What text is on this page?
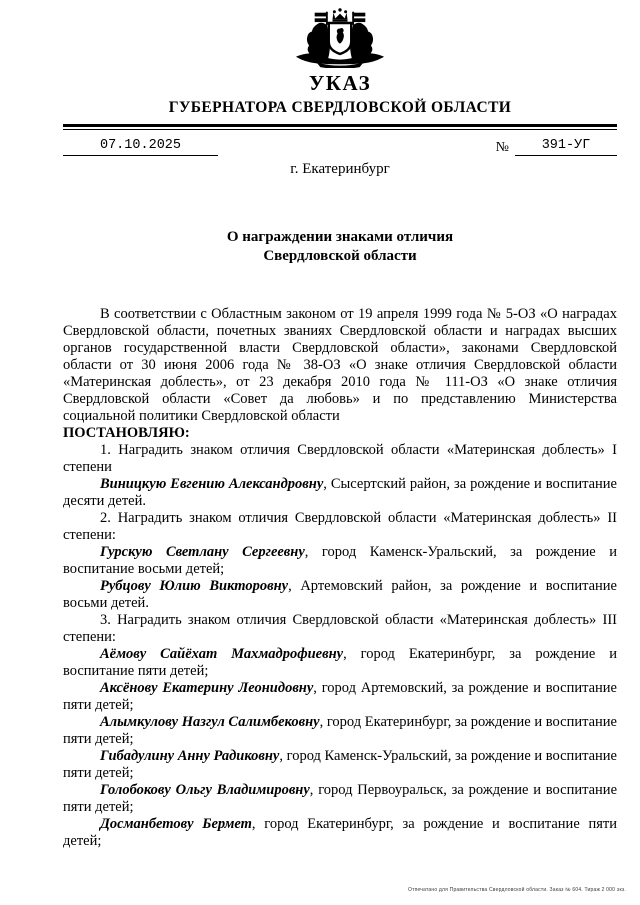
УКАЗ
ГУБЕРНАТОРА СВЕРДЛОВСКОЙ ОБЛАСТИ
07.10.2025	№	391-УГ
г. Екатеринбург
О награждении знаками отличия
Свердловской области

В соответствии с Областным законом от 19 апреля 1999 года № 5-ОЗ «О наградах Свердловской области, почетных званиях Свердловской области и наградах высших органов государственной власти Свердловской области», законами Свердловской области от 30 июня 2006 года № 38-ОЗ «О знаке отличия Свердловской области «Материнская доблесть», от 23 декабря 2010 года № 111-ОЗ «О знаке отличия Свердловской области «Совет да любовь» и по представлению Министерства социальной политики Свердловской области

ПОСТАНОВЛЯЮ:

1. Наградить знаком отличия Свердловской области «Материнская доблесть» I степени

Виницкую Евгению Александровну, Сысертский район, за рождение и воспитание десяти детей.

2. Наградить знаком отличия Свердловской области «Материнская доблесть» II степени:

Гурскую Светлану Сергеевну, город Каменск-Уральский, за рождение и воспитание восьми детей;

Рубцову Юлию Викторовну, Артемовский район, за рождение и воспитание восьми детей.

3. Наградить знаком отличия Свердловской области «Материнская доблесть» III степени:

Аёмову Сайёхат Махмадрофиевну, город Екатеринбург, за рождение и воспитание пяти детей;

Аксёнову Екатерину Леонидовну, город Артемовский, за рождение и воспитание пяти детей;

Алымкулову Назгул Салимбековну, город Екатеринбург, за рождение и воспитание пяти детей;

Гибадулину Анну Радиковну, город Каменск-Уральский, за рождение и воспитание пяти детей;

Голобокову Ольгу Владимировну, город Первоуральск, за рождение и воспитание пяти детей;

Досманбетову Бермет, город Екатеринбург, за рождение и воспитание пяти детей;

Отпечатано для Правительства Свердловской области. Заказ № 604. Тираж 2 000 экз.
